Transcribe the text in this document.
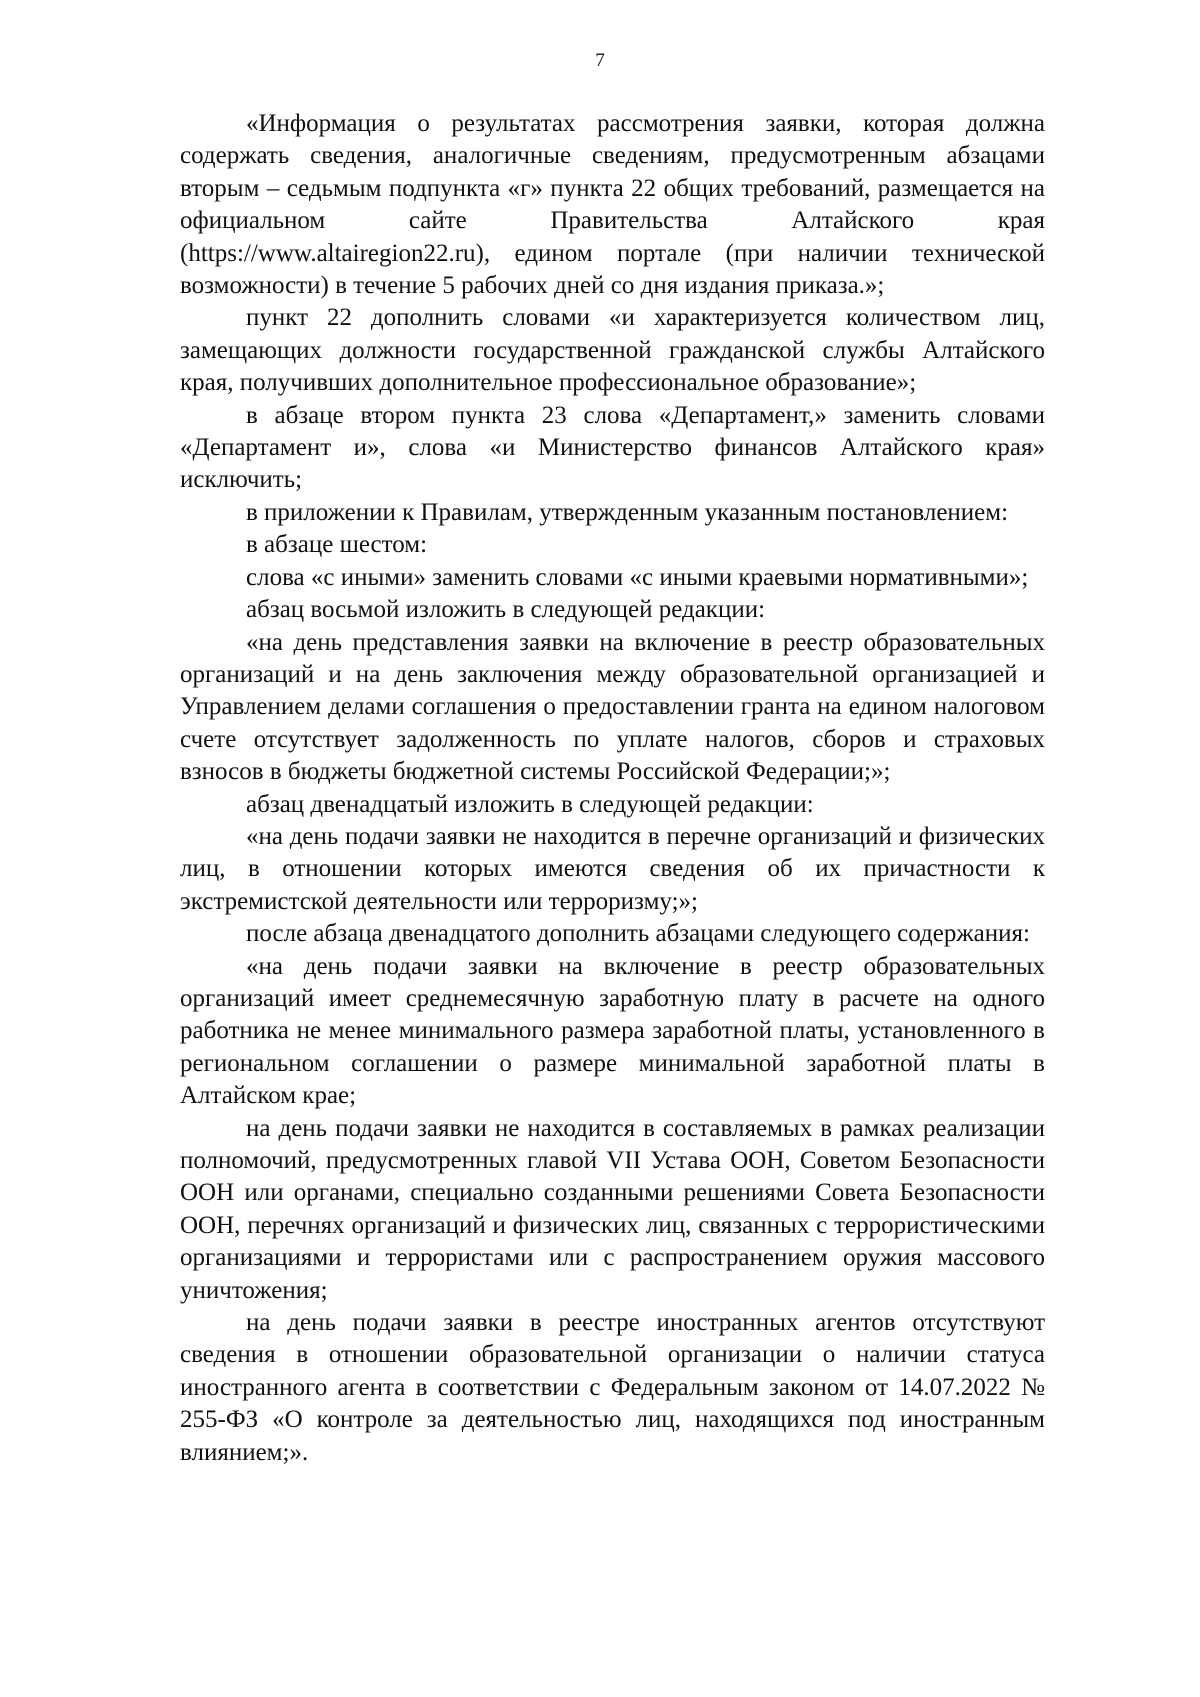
7

«Информация о результатах рассмотрения заявки, которая должна содержать сведения, аналогичные сведениям, предусмотренным абзацами вторым – седьмым подпункта «г» пункта 22 общих требований, размещается на официальном сайте Правительства Алтайского края (https://www.altairegion22.ru), едином портале (при наличии технической возможности) в течение 5 рабочих дней со дня издания приказа.»;

пункт 22 дополнить словами «и характеризуется количеством лиц, замещающих должности государственной гражданской службы Алтайского края, получивших дополнительное профессиональное образование»;

в абзаце втором пункта 23 слова «Департамент,» заменить словами «Департамент и», слова «и Министерство финансов Алтайского края» исключить;

в приложении к Правилам, утвержденным указанным постановлением:

в абзаце шестом:

слова «с иными» заменить словами «с иными краевыми нормативными»;

абзац восьмой изложить в следующей редакции:

«на день представления заявки на включение в реестр образовательных организаций и на день заключения между образовательной организацией и Управлением делами соглашения о предоставлении гранта на едином налоговом счете отсутствует задолженность по уплате налогов, сборов и страховых взносов в бюджеты бюджетной системы Российской Федерации;»;

абзац двенадцатый изложить в следующей редакции:

«на день подачи заявки не находится в перечне организаций и физических лиц, в отношении которых имеются сведения об их причастности к экстремистской деятельности или терроризму;»;

после абзаца двенадцатого дополнить абзацами следующего содержания:

«на день подачи заявки на включение в реестр образовательных организаций имеет среднемесячную заработную плату в расчете на одного работника не менее минимального размера заработной платы, установленного в региональном соглашении о размере минимальной заработной платы в Алтайском крае;

на день подачи заявки не находится в составляемых в рамках реализации полномочий, предусмотренных главой VII Устава ООН, Советом Безопасности ООН или органами, специально созданными решениями Совета Безопасности ООН, перечнях организаций и физических лиц, связанных с террористическими организациями и террористами или с распространением оружия массового уничтожения;

на день подачи заявки в реестре иностранных агентов отсутствуют сведения в отношении образовательной организации о наличии статуса иностранного агента в соответствии с Федеральным законом от 14.07.2022 № 255-ФЗ «О контроле за деятельностью лиц, находящихся под иностранным влиянием;».
